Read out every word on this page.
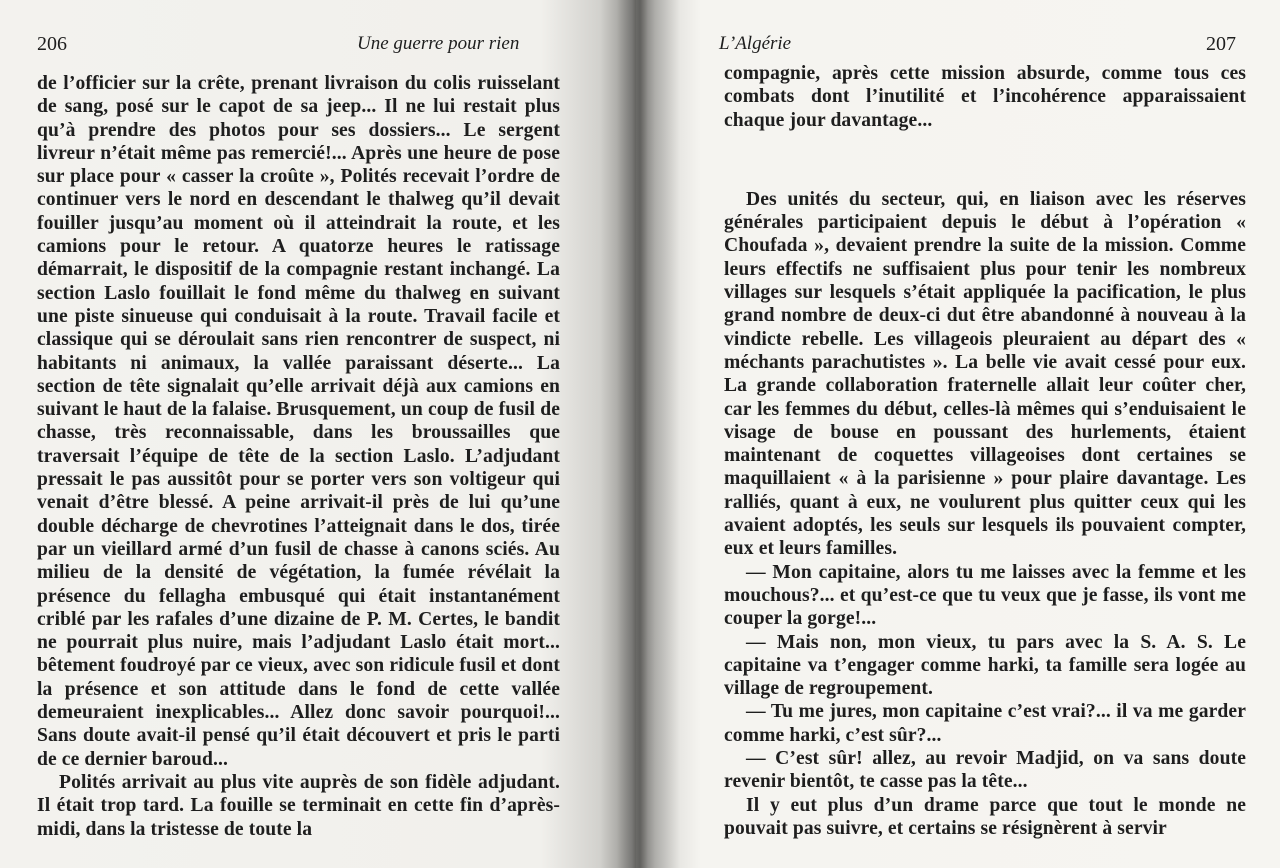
206	Une guerre pour rien

de l’officier sur la crête, prenant livraison du colis ruisselant de sang, posé sur le capot de sa jeep... Il ne lui restait plus qu’à prendre des photos pour ses dossiers... Le sergent livreur n’était même pas remercié!... Après une heure de pose sur place pour « casser la croûte », Polités recevait l’ordre de continuer vers le nord en descendant le thalweg qu’il devait fouiller jusqu’au moment où il atteindrait la route, et les camions pour le retour. A quatorze heures le ratissage démarrait, le dispositif de la compagnie restant inchangé. La section Laslo fouillait le fond même du thalweg en suivant une piste sinueuse qui conduisait à la route. Travail facile et classique qui se déroulait sans rien rencontrer de suspect, ni habitants ni animaux, la vallée paraissant déserte... La section de tête signalait qu’elle arrivait déjà aux camions en suivant le haut de la falaise. Brusquement, un coup de fusil de chasse, très reconnaissable, dans les broussailles que traversait l’équipe de tête de la section Laslo. L’adjudant pressait le pas aussitôt pour se porter vers son voltigeur qui venait d’être blessé. A peine arrivait-il près de lui qu’une double décharge de chevrotines l’atteignait dans le dos, tirée par un vieillard armé d’un fusil de chasse à canons sciés. Au milieu de la densité de végétation, la fumée révélait la présence du fellagha embusqué qui était instantanément criblé par les rafales d’une dizaine de P. M. Certes, le bandit ne pourrait plus nuire, mais l’adjudant Laslo était mort... bêtement foudroyé par ce vieux, avec son ridicule fusil et dont la présence et son attitude dans le fond de cette vallée demeuraient inexplicables... Allez donc savoir pourquoi!... Sans doute avait-il pensé qu’il était découvert et pris le parti de ce dernier baroud...

Polités arrivait au plus vite auprès de son fidèle adjudant. Il était trop tard. La fouille se terminait en cette fin d’après-midi, dans la tristesse de toute la

L’Algérie	207

compagnie, après cette mission absurde, comme tous ces combats dont l’inutilité et l’incohérence apparaissaient chaque jour davantage...

Des unités du secteur, qui, en liaison avec les réserves générales participaient depuis le début à l’opération « Choufada », devaient prendre la suite de la mission. Comme leurs effectifs ne suffisaient plus pour tenir les nombreux villages sur lesquels s’était appliquée la pacification, le plus grand nombre de deux-ci dut être abandonné à nouveau à la vindicte rebelle. Les villageois pleuraient au départ des « méchants parachutistes ». La belle vie avait cessé pour eux. La grande collaboration fraternelle allait leur coûter cher, car les femmes du début, celles-là mêmes qui s’enduisaient le visage de bouse en poussant des hurlements, étaient maintenant de coquettes villageoises dont certaines se maquillaient « à la parisienne » pour plaire davantage. Les ralliés, quant à eux, ne voulurent plus quitter ceux qui les avaient adoptés, les seuls sur lesquels ils pouvaient compter, eux et leurs familles.

— Mon capitaine, alors tu me laisses avec la femme et les mouchous?... et qu’est-ce que tu veux que je fasse, ils vont me couper la gorge!...

— Mais non, mon vieux, tu pars avec la S. A. S. Le capitaine va t’engager comme harki, ta famille sera logée au village de regroupement.

— Tu me jures, mon capitaine c’est vrai?... il va me garder comme harki, c’est sûr?...

— C’est sûr! allez, au revoir Madjid, on va sans doute revenir bientôt, te casse pas la tête...

Il y eut plus d’un drame parce que tout le monde ne pouvait pas suivre, et certains se résignèrent à servir
